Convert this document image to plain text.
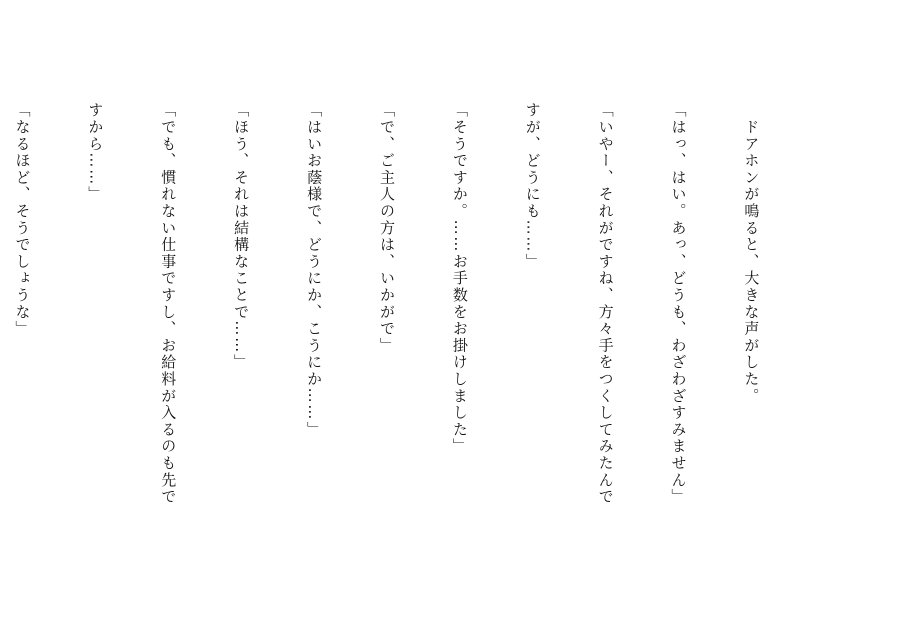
　ドアホンが鳴ると、大きな声がした。

「はっ、はい。あっ、どうも、わざわざすみません」

「いやー、それがですね、方々手をつくしてみたんで

すが、どうにも……」

「そうですか。……お手数をお掛けしました」

「で、ご主人の方は、いかがで」

「はいお蔭様で、どうにか、こうにか……」

「ほう、それは結構なことで……」

「でも、慣れない仕事ですし、お給料が入るのも先で

すから……」

「なるほど、そうでしょうな」
